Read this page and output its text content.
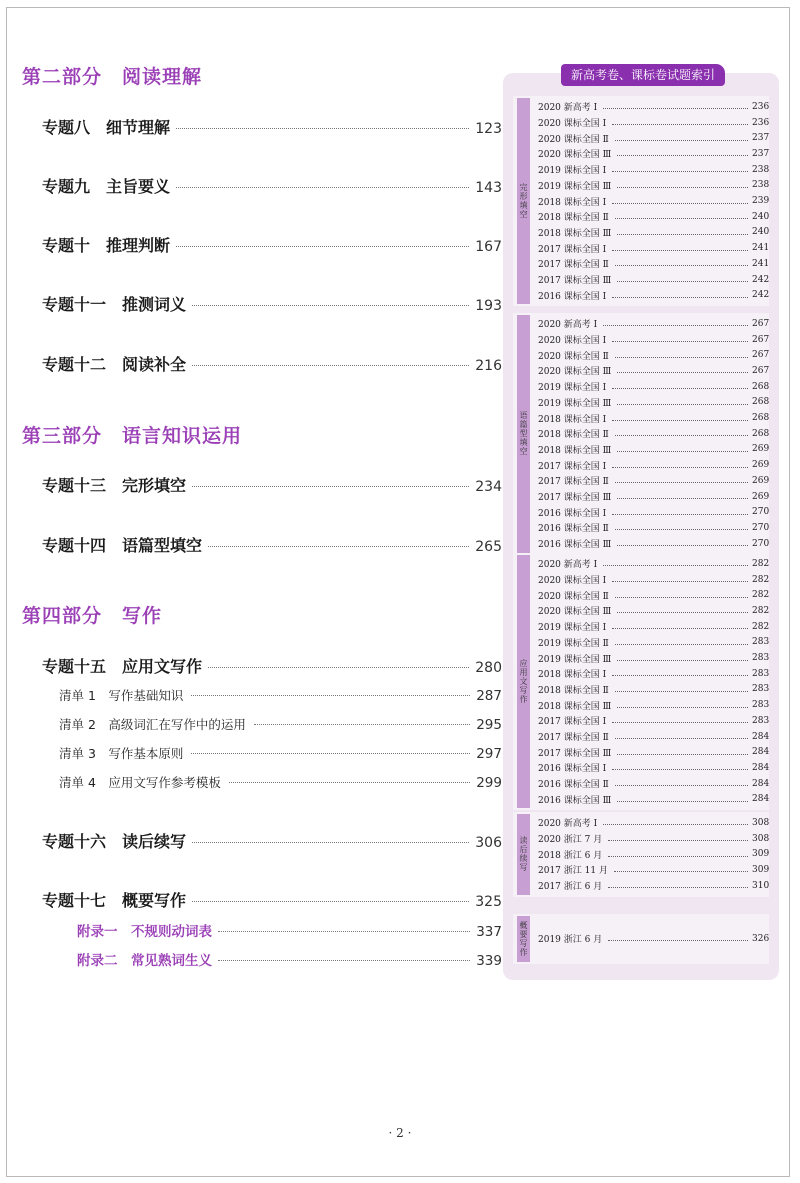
第二部分　阅读理解
第三部分　语言知识运用
第四部分　写作
专题八　细节理解	123
专题九　主旨要义	143
专题十　推理判断	167
专题十一　推测词义	193
专题十二　阅读补全	216
专题十三　完形填空	234
专题十四　语篇型填空	265
专题十五　应用文写作	280
清单 1　写作基础知识	287
清单 2　高级词汇在写作中的运用	295
清单 3　写作基本原则	297
清单 4　应用文写作参考模板	299
专题十六　读后续写	306
专题十七　概要写作	325
附录一　不规则动词表	337
附录二　常见熟词生义	339
新高考卷、课标卷试题索引
完形填空
2020 新高考 Ⅰ	236
2020 课标全国 Ⅰ	236
2020 课标全国 Ⅱ	237
2020 课标全国 Ⅲ	237
2019 课标全国 Ⅰ	238
2019 课标全国 Ⅲ	238
2018 课标全国 Ⅰ	239
2018 课标全国 Ⅱ	240
2018 课标全国 Ⅲ	240
2017 课标全国 Ⅰ	241
2017 课标全国 Ⅱ	241
2017 课标全国 Ⅲ	242
2016 课标全国 Ⅰ	242
语篇型填空
2020 新高考 Ⅰ	267
2020 课标全国 Ⅰ	267
2020 课标全国 Ⅱ	267
2020 课标全国 Ⅲ	267
2019 课标全国 Ⅰ	268
2019 课标全国 Ⅲ	268
2018 课标全国 Ⅰ	268
2018 课标全国 Ⅱ	268
2018 课标全国 Ⅲ	269
2017 课标全国 Ⅰ	269
2017 课标全国 Ⅱ	269
2017 课标全国 Ⅲ	269
2016 课标全国 Ⅰ	270
2016 课标全国 Ⅱ	270
2016 课标全国 Ⅲ	270
应用文写作
2020 新高考 Ⅰ	282
2020 课标全国 Ⅰ	282
2020 课标全国 Ⅱ	282
2020 课标全国 Ⅲ	282
2019 课标全国 Ⅰ	282
2019 课标全国 Ⅱ	283
2019 课标全国 Ⅲ	283
2018 课标全国 Ⅰ	283
2018 课标全国 Ⅱ	283
2018 课标全国 Ⅲ	283
2017 课标全国 Ⅰ	283
2017 课标全国 Ⅱ	284
2017 课标全国 Ⅲ	284
2016 课标全国 Ⅰ	284
2016 课标全国 Ⅱ	284
2016 课标全国 Ⅲ	284
读后续写
2020 新高考 Ⅰ	308
2020 浙江 7 月	308
2018 浙江 6 月	309
2017 浙江 11 月	309
2017 浙江 6 月	310
概要写作 2019 浙江 6 月	326
· 2 ·
